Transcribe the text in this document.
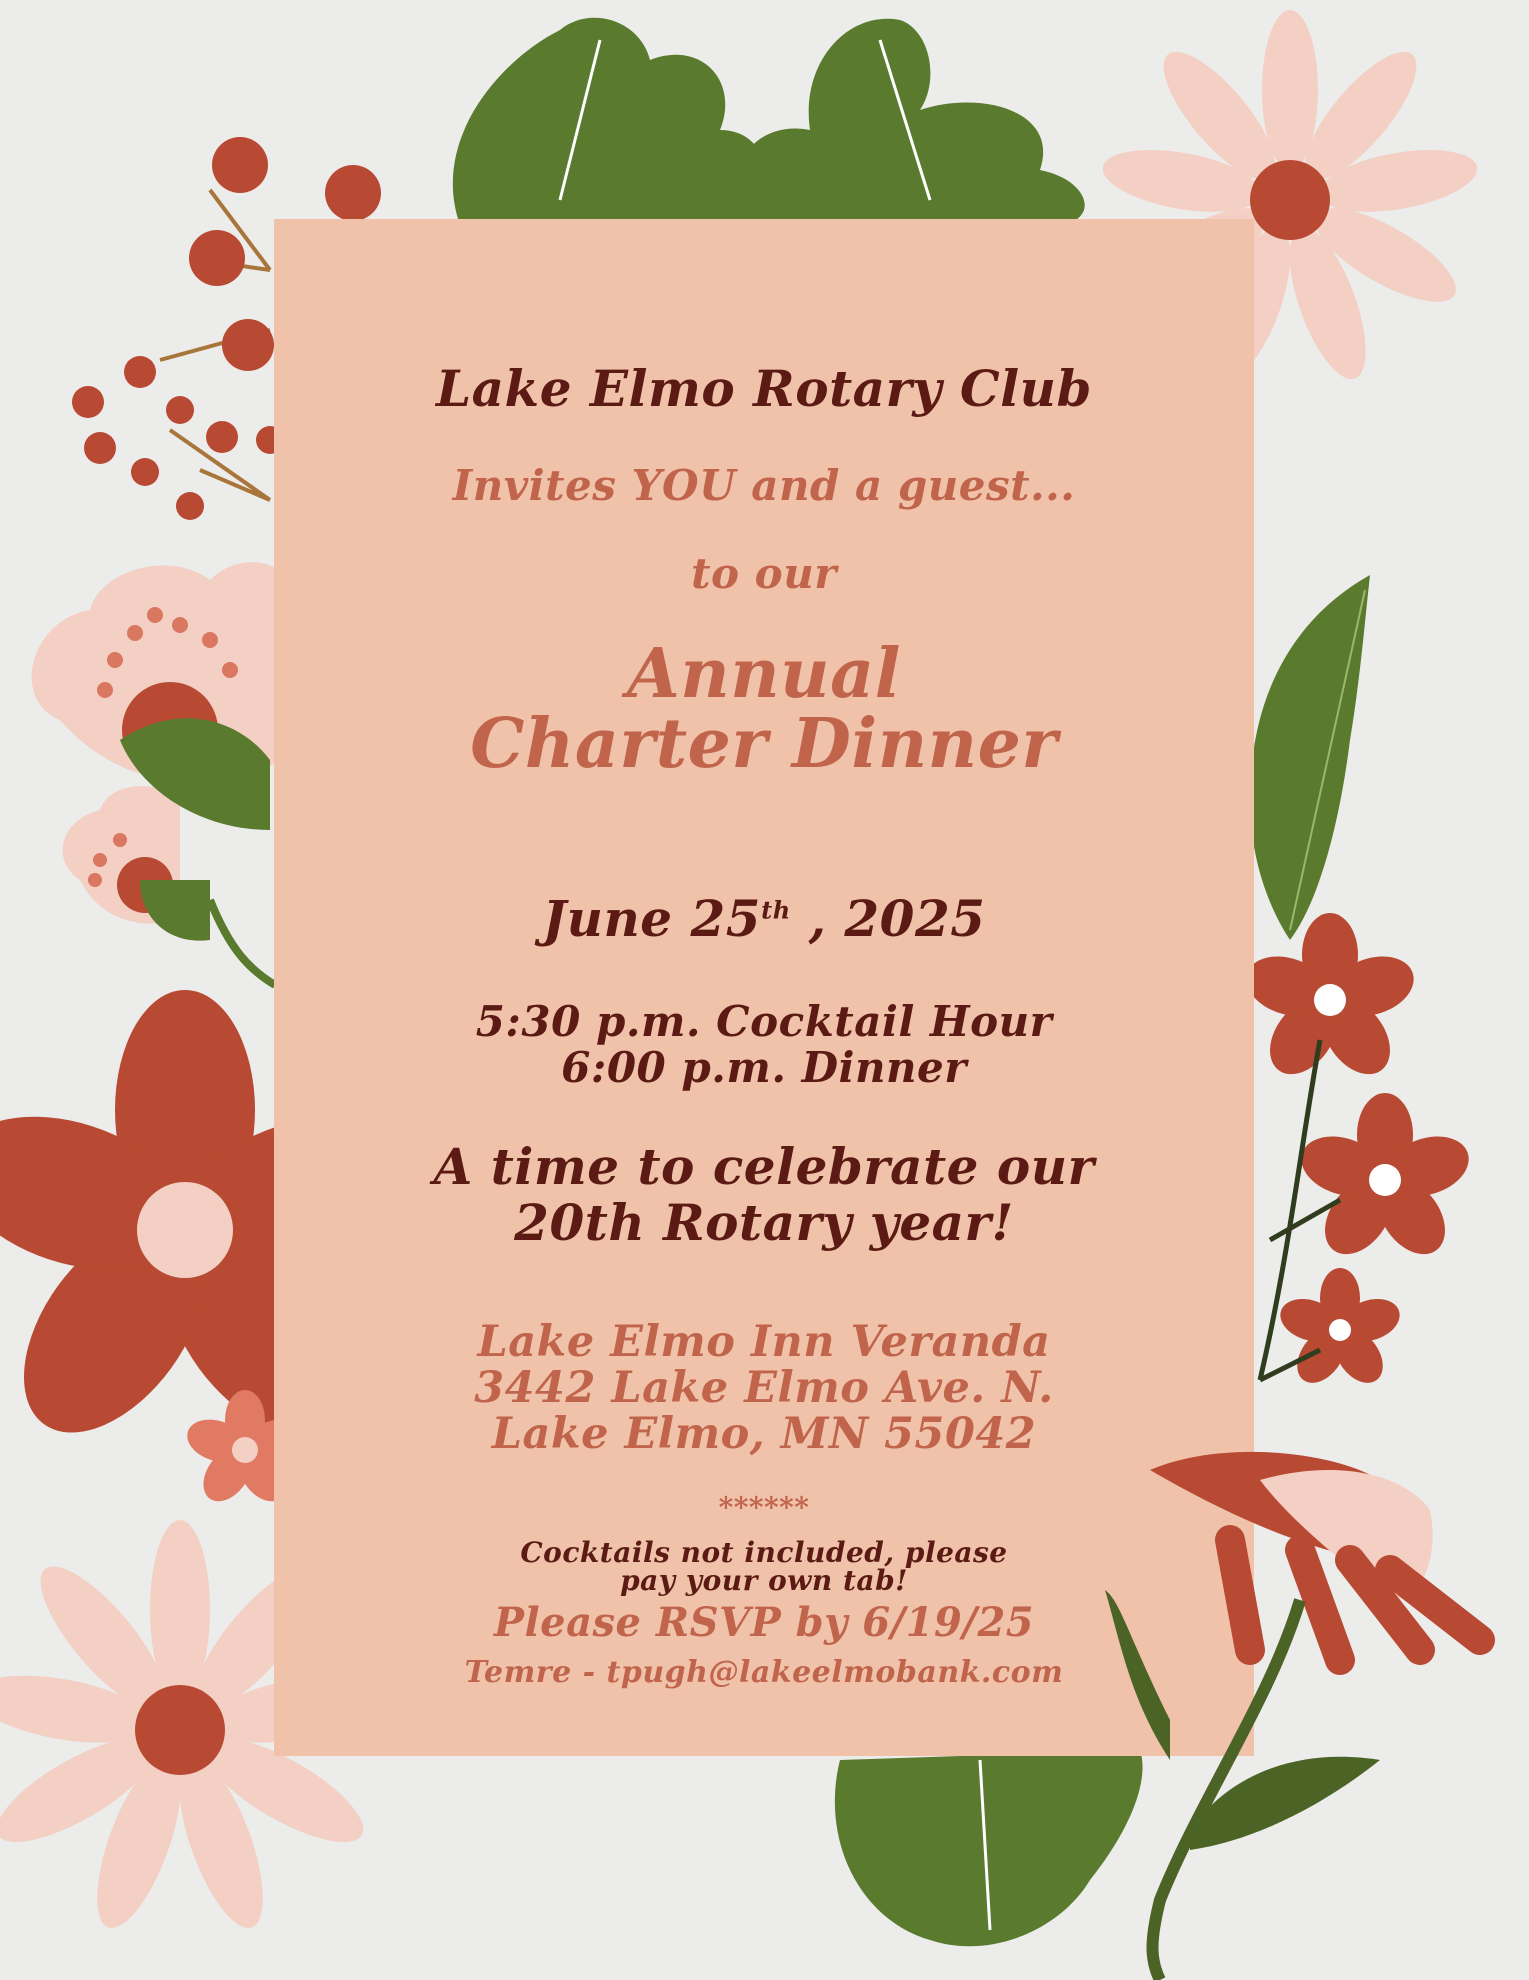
Lake Elmo Rotary Club
Invites YOU and a guest...
to our
Annual
Charter Dinner
June 25th , 2025
5:30 p.m. Cocktail Hour
6:00 p.m. Dinner
A time to celebrate our
20th Rotary year!
Lake Elmo Inn Veranda
3442 Lake Elmo Ave. N.
Lake Elmo, MN 55042
******
Cocktails not included, please
pay your own tab!
Please RSVP by 6/19/25
Temre - tpugh@lakeelmobank.com
